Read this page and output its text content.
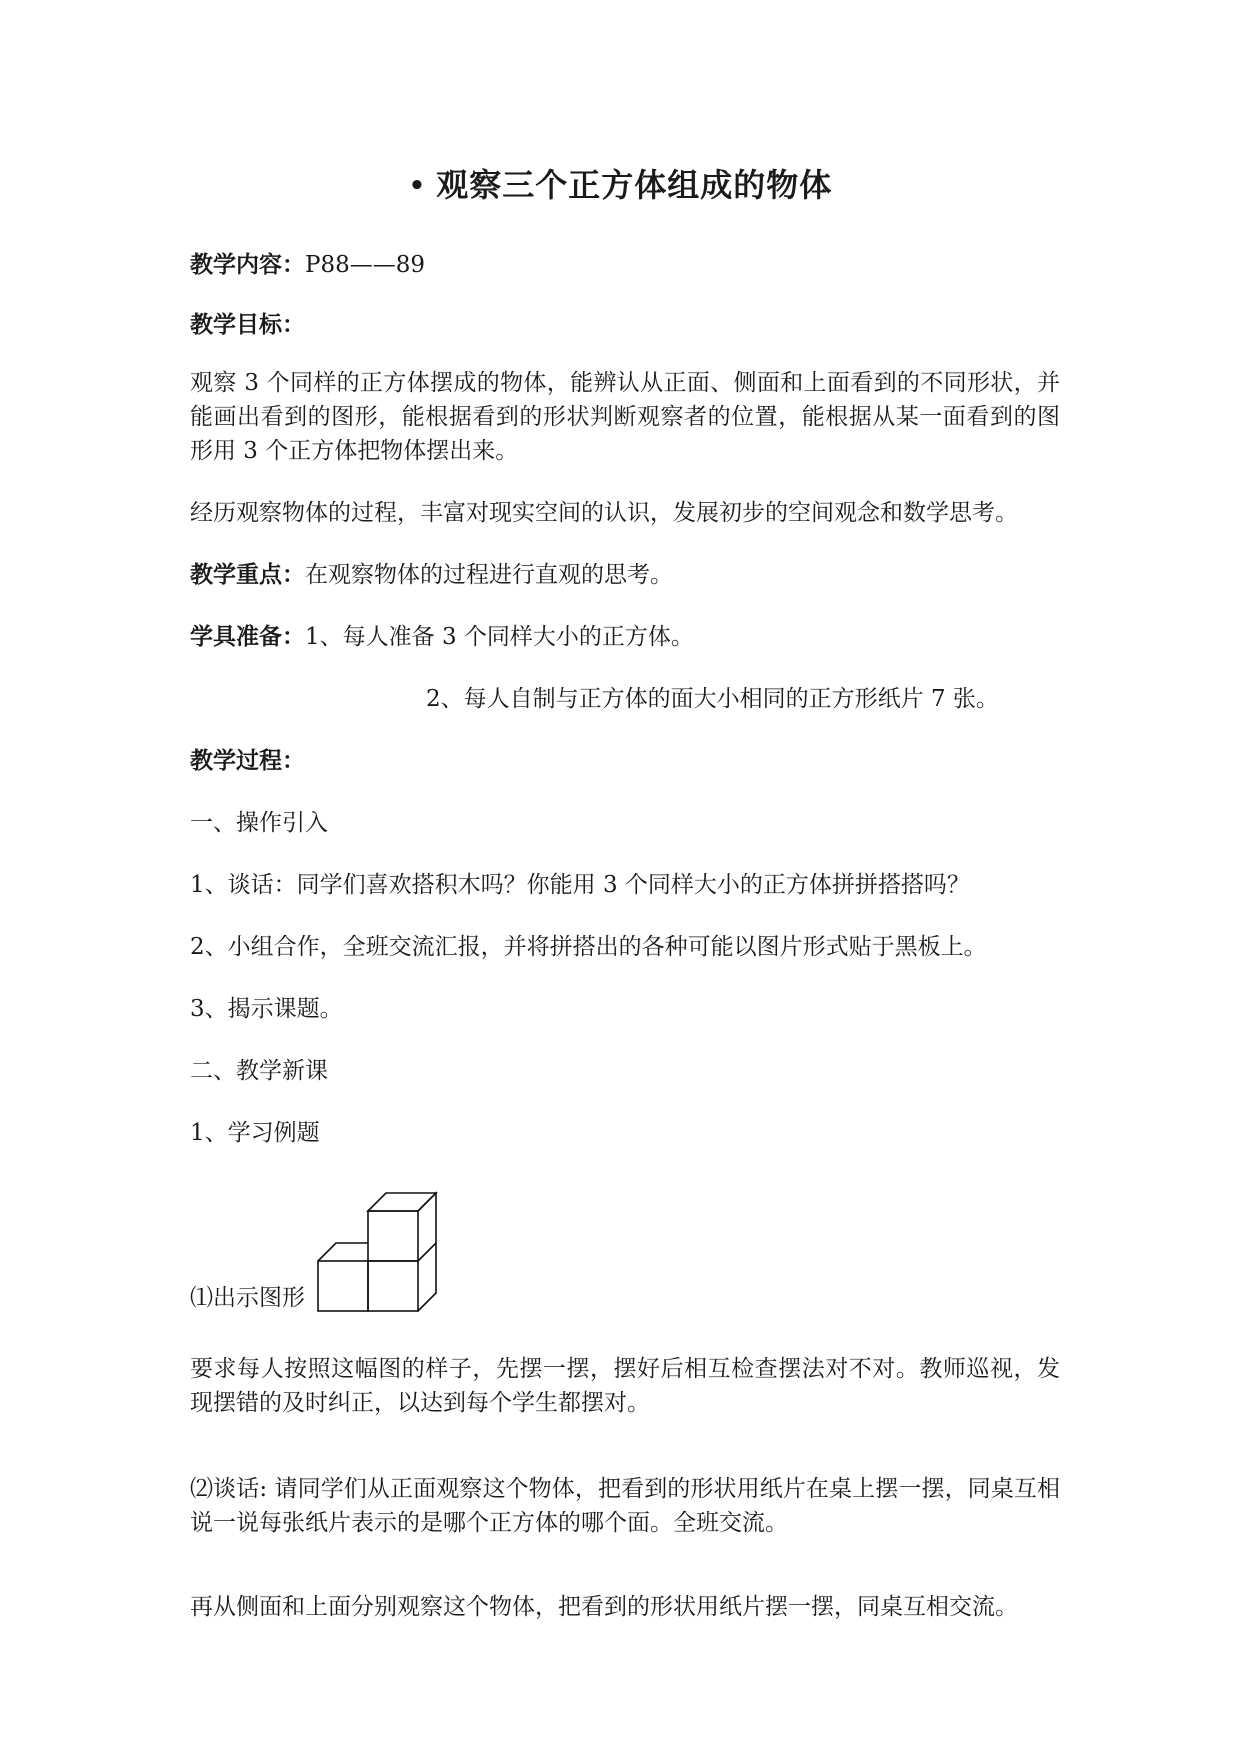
• 观察三个正方体组成的物体
教学内容：P88——89
教学目标：
观察 3 个同样的正方体摆成的物体，能辨认从正面、侧面和上面看到的不同形状，并能画出看到的图形，能根据看到的形状判断观察者的位置，能根据从某一面看到的图形用 3 个正方体把物体摆出来。
经历观察物体的过程，丰富对现实空间的认识，发展初步的空间观念和数学思考。
教学重点：在观察物体的过程进行直观的思考。
学具准备：1、每人准备 3 个同样大小的正方体。
2、每人自制与正方体的面大小相同的正方形纸片 7 张。
教学过程：
一、操作引入
1、谈话：同学们喜欢搭积木吗？你能用 3 个同样大小的正方体拼拼搭搭吗？
2、小组合作，全班交流汇报，并将拼搭出的各种可能以图片形式贴于黑板上。
3、揭示课题。
二、教学新课
1、学习例题
⑴出示图形
要求每人按照这幅图的样子，先摆一摆，摆好后相互检查摆法对不对。教师巡视，发现摆错的及时纠正，以达到每个学生都摆对。
⑵谈话: 请同学们从正面观察这个物体，把看到的形状用纸片在桌上摆一摆，同桌互相说一说每张纸片表示的是哪个正方体的哪个面。全班交流。
再从侧面和上面分别观察这个物体，把看到的形状用纸片摆一摆，同桌互相交流。
